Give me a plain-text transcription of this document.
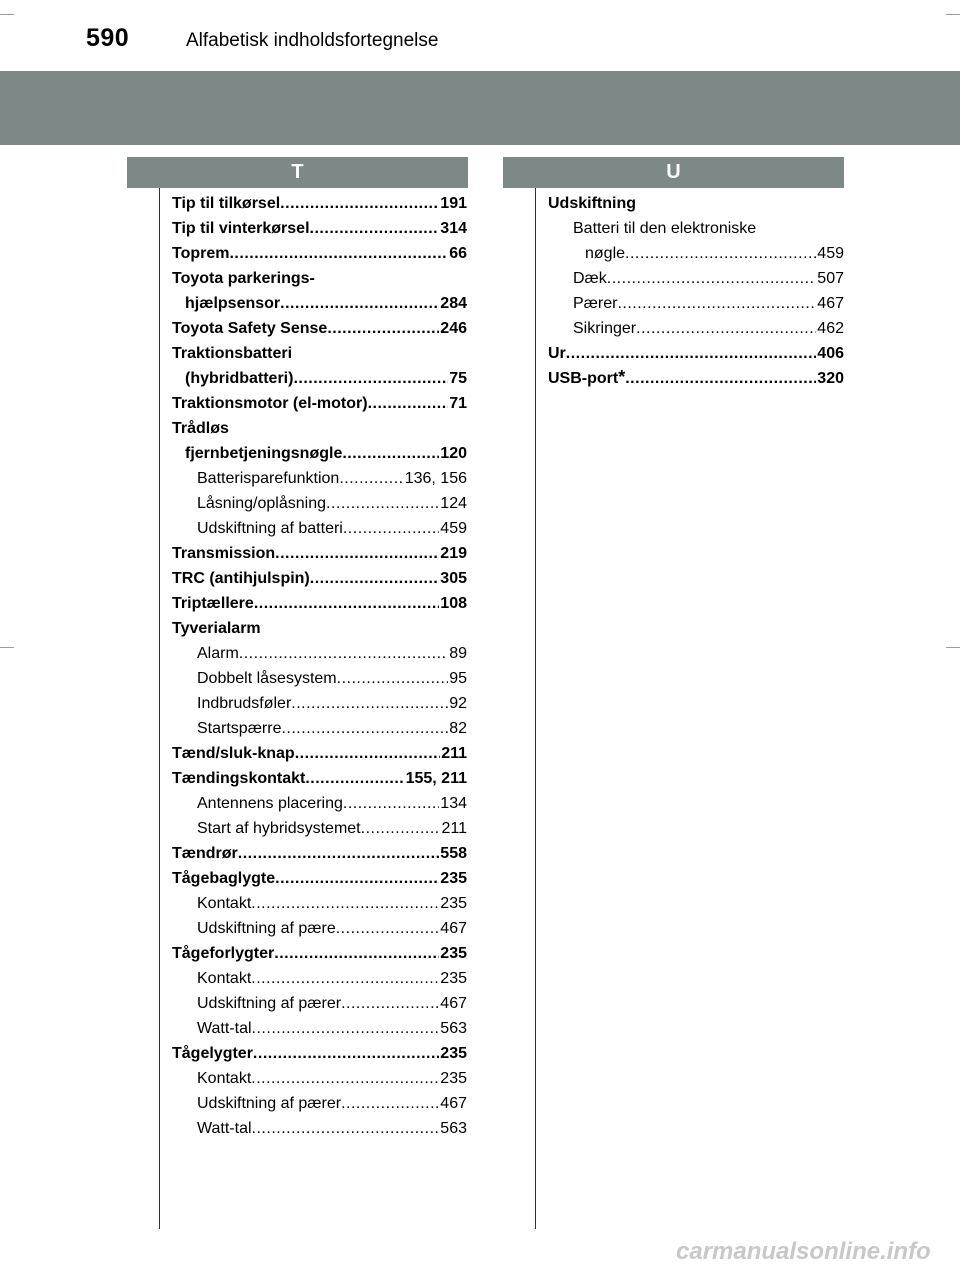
590	Alfabetisk indholdsfortegnelse
T	U
Tip til tilkørsel .....	191
Tip til vinterkørsel .....	314
Toprem .....	66
Toyota parkerings-
hjælpsensor .....	284
Toyota Safety Sense .....	246
Traktionsbatteri
(hybridbatteri) .....	75
Traktionsmotor (el-motor) .....	71
Trådløs
fjernbetjeningsnøgle .....	120
Batterisparefunktion .....	136, 156
Låsning/oplåsning .....	124
Udskiftning af batteri .....	459
Transmission .....	219
TRC (antihjulspin) .....	305
Triptællere .....	108
Tyverialarm
Alarm .....	89
Dobbelt låsesystem .....	95
Indbrudsføler .....	92
Startspærre .....	82
Tænd/sluk-knap .....	211
Tændingskontakt .....	155, 211
Antennens placering .....	134
Start af hybridsystemet .....	211
Tændrør .....	558
Tågebaglygte .....	235
Kontakt .....	235
Udskiftning af pære .....	467
Tågeforlygter .....	235
Kontakt .....	235
Udskiftning af pærer .....	467
Watt-tal .....	563
Tågelygter .....	235
Kontakt .....	235
Udskiftning af pærer .....	467
Watt-tal .....	563
Udskiftning
Batteri til den elektroniske
nøgle .....	459
Dæk .....	507
Pærer .....	467
Sikringer .....	462
Ur .....	406
USB-port * .....	320
carmanualsonline.info
